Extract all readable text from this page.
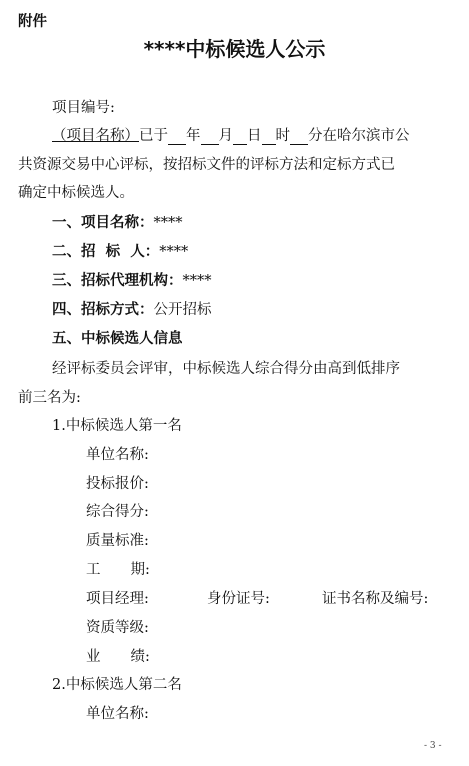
附件
****中标候选人公示
项目编号:
（项目名称）已于 年 月 日 时 分在哈尔滨市公
共资源交易中心评标，按招标文件的评标方法和定标方式已
确定中标候选人。
一、项目名称：****
二、招  标  人：****
三、招标代理机构：****
四、招标方式：公开招标
五、中标候选人信息
经评标委员会评审，中标候选人综合得分由高到低排序
前三名为:
1.中标候选人第一名
单位名称:
投标报价:
综合得分:
质量标准:
工 期:
项目经理:	身份证号:	证书名称及编号:
资质等级:
业 绩:
2.中标候选人第二名
单位名称:
- 3 -
